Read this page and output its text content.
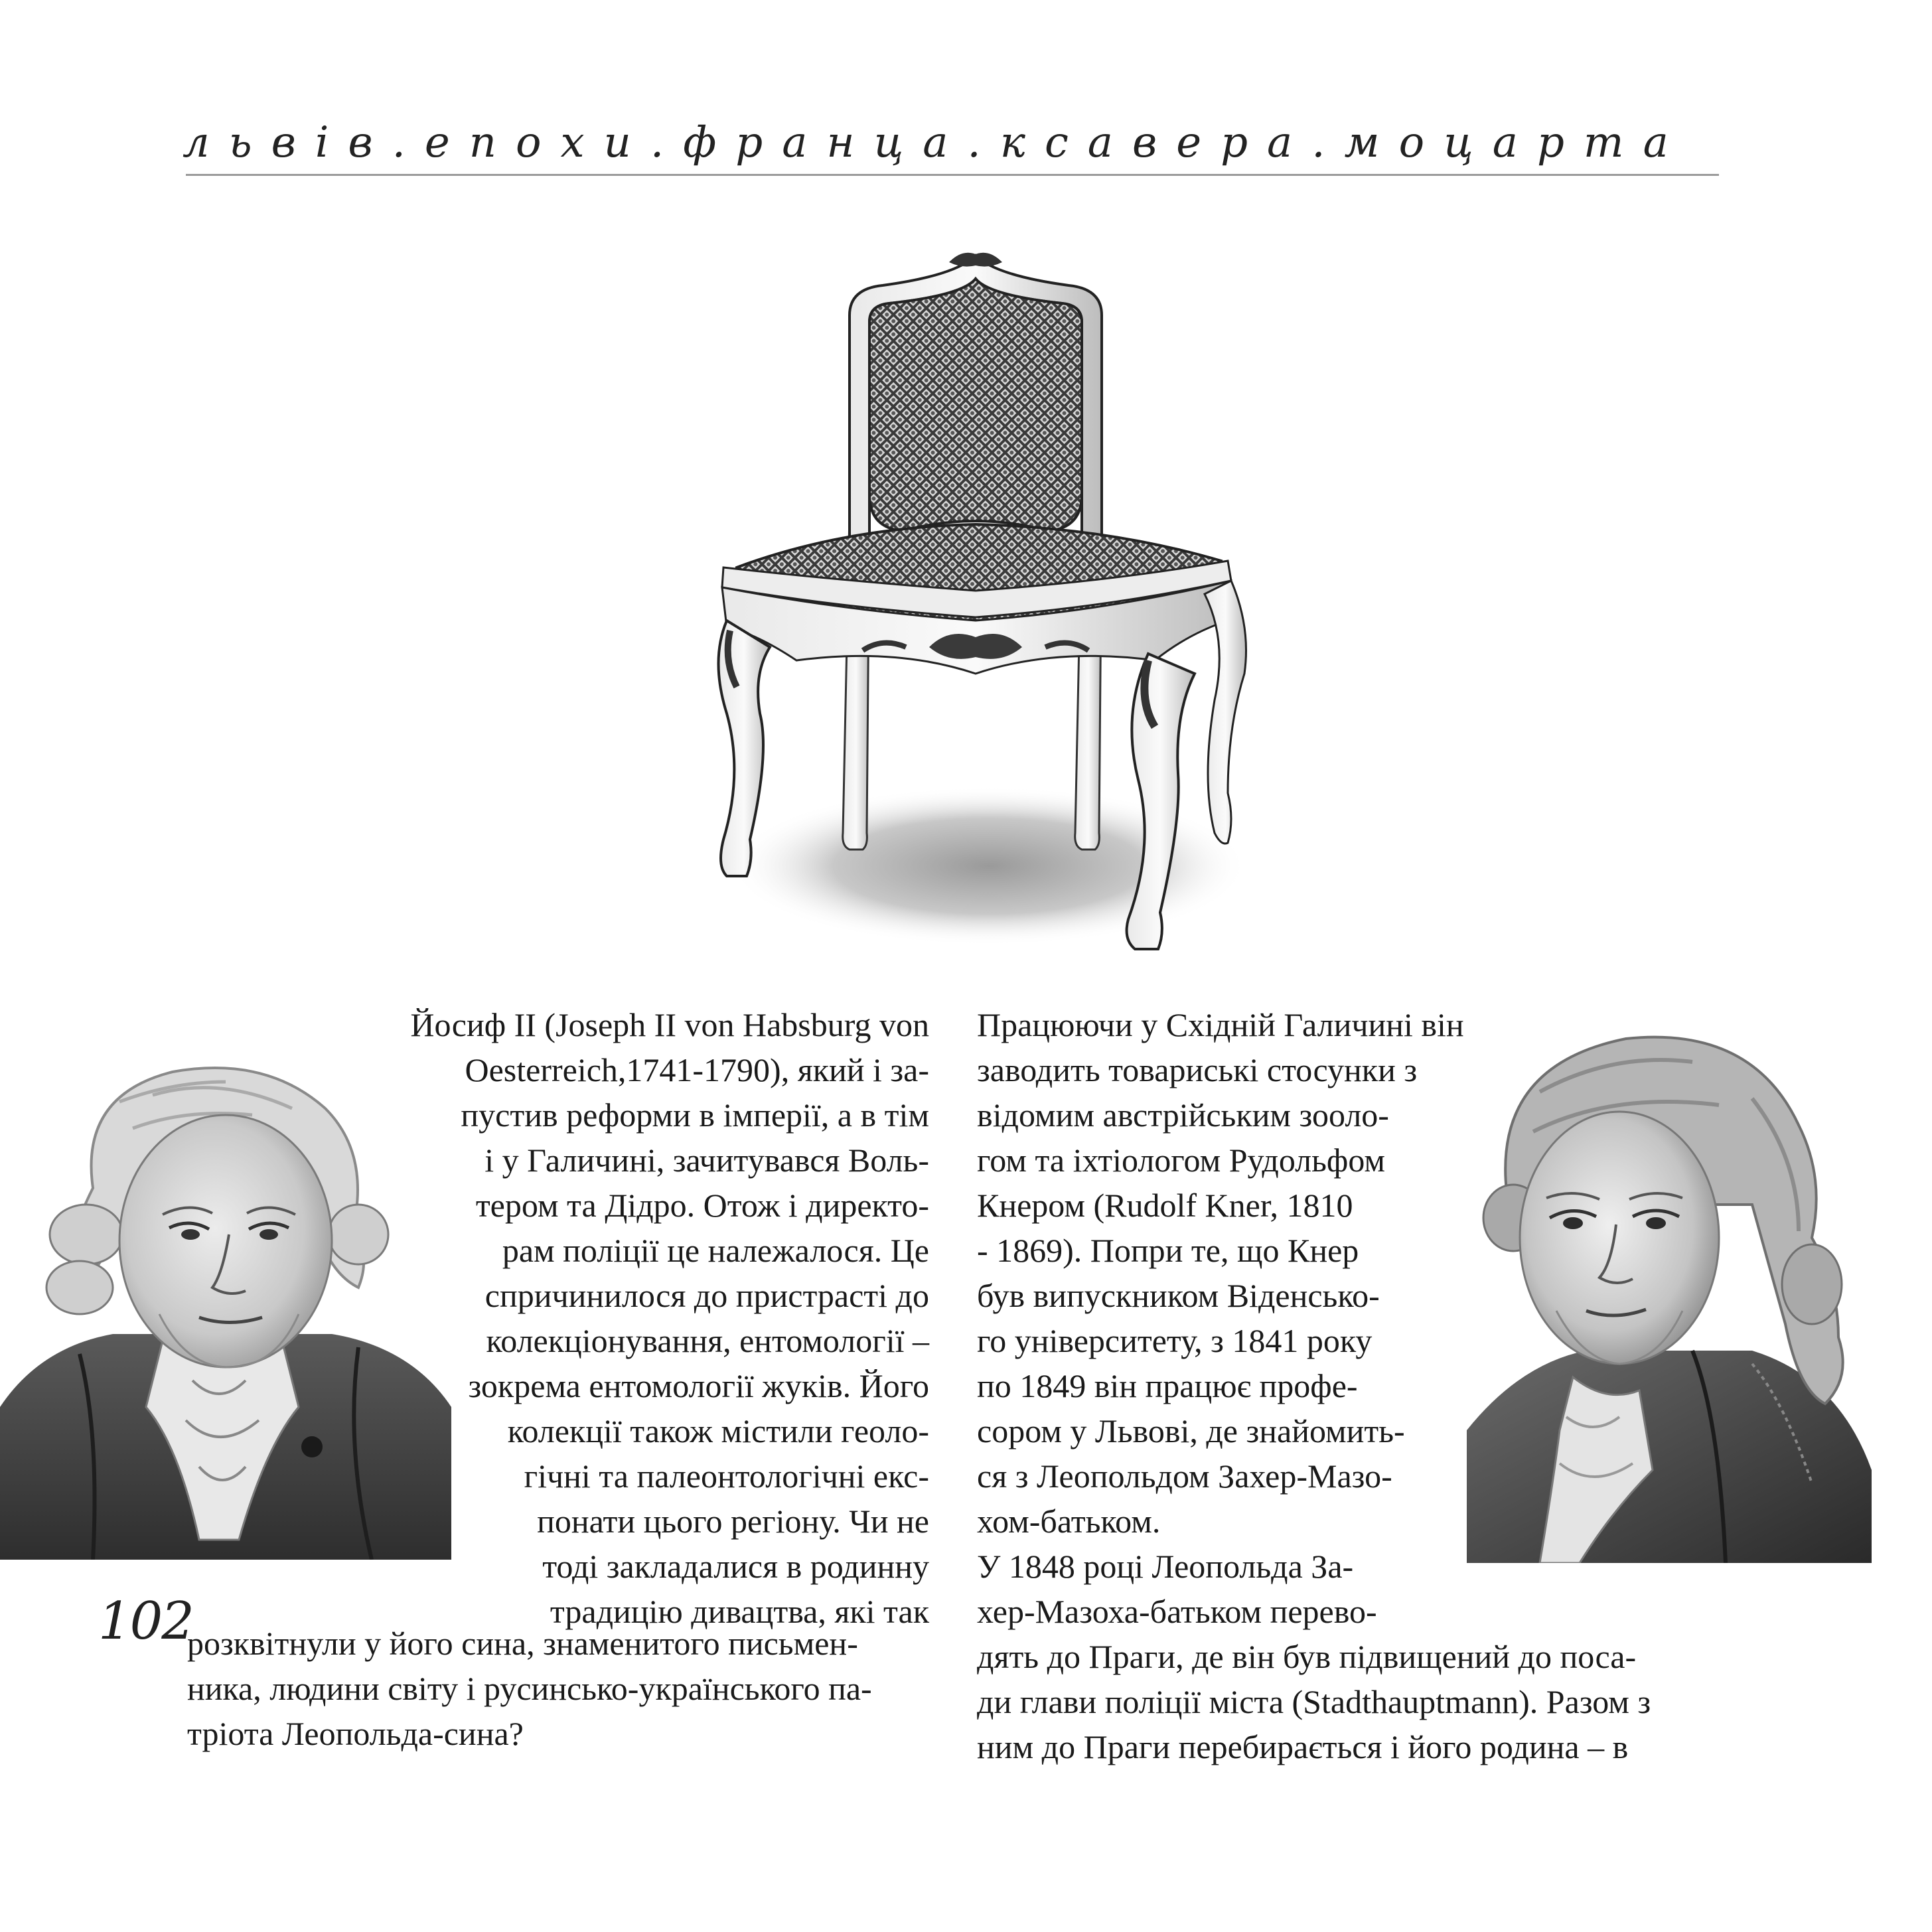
львів.епохи.франца.ксавера.моцарта
Йосиф II (Joseph II von Habsburg von
Oesterreich,1741-1790), який і за-
пустив реформи в імперії, а в тім
і у Галичині, зачитувався Воль-
тером та Дідро. Отож і директо-
рам поліції це належалося. Це
спричинилося до пристрасті до
колекціонування, ентомології –
зокрема ентомології жуків. Його
колекції також містили геоло-
гічні та палеонтологічні екс-
понати цього регіону. Чи не
тоді закладалися в родинну
традицію дивацтва, які так
розквітнули у його сина, знаменитого письмен-
ника, людини світу і русинсько-українського па-
тріота Леопольда-сина?
102
Працюючи у Східній Галичині він
заводить товариські стосунки з
відомим австрійським зооло-
гом та іхтіологом Рудольфом
Кнером (Rudolf Kner, 1810
- 1869). Попри те, що Кнер
був випускником Віденсько-
го університету, з 1841 року
по 1849 він працює профе-
сором у Львові, де знайомить-
ся з Леопольдом Захер-Мазо-
хом-батьком.
У 1848 році Леопольда За-
хер-Мазоха-батьком перево-
дять до Праги, де він був підвищений до поса-
ди глави поліції міста (Stadthauptmann). Разом з
ним до Праги перебирається і його родина – в
